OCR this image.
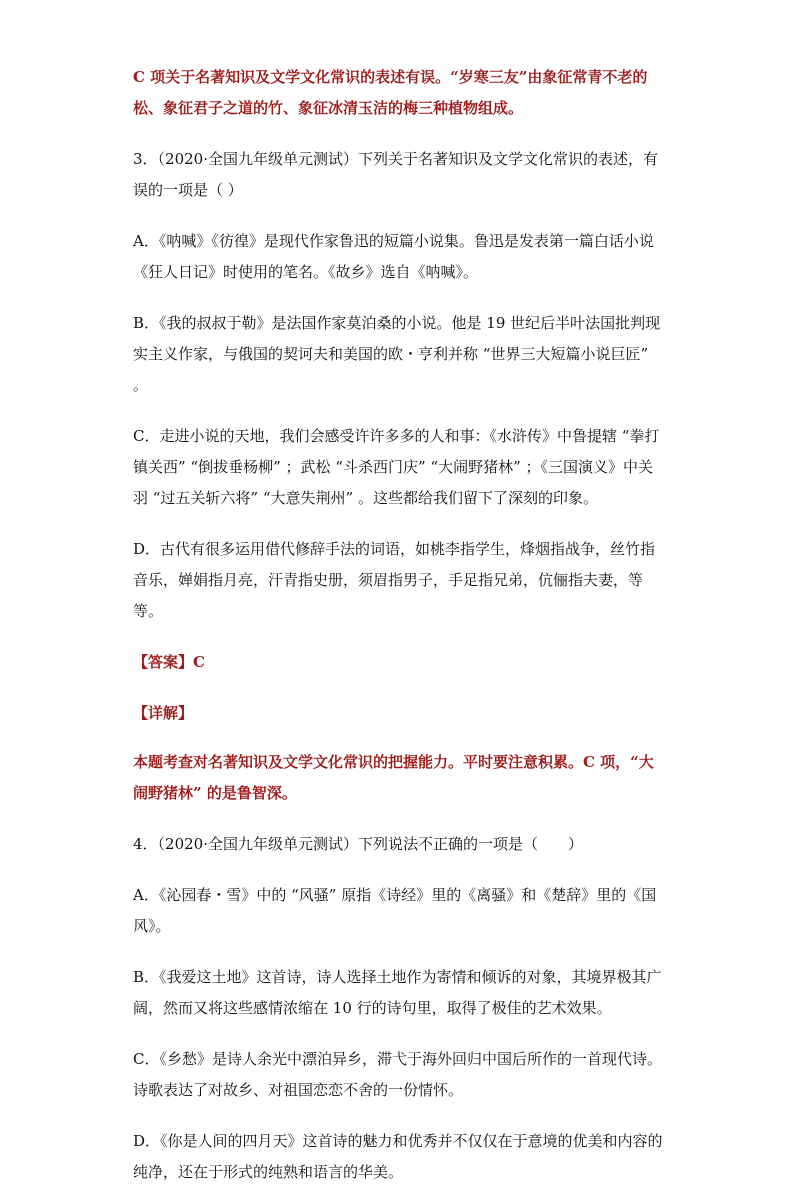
C 项关于名著知识及文学文化常识的表述有误。“岁寒三友”由象征常青不老的松、象征君子之道的竹、象征冰清玉洁的梅三种植物组成。

3．（2020·全国九年级单元测试）下列关于名著知识及文学文化常识的表述，有误的一项是（ ）

A．《呐喊》《彷徨》是现代作家鲁迅的短篇小说集。鲁迅是发表第一篇白话小说《狂人日记》时使用的笔名。《故乡》选自《呐喊》。

B．《我的叔叔于勒》是法国作家莫泊桑的小说。他是 19 世纪后半叶法国批判现实主义作家，与俄国的契诃夫和美国的欧・亨利并称 “世界三大短篇小说巨匠” 。

C．走进小说的天地，我们会感受许许多多的人和事：《水浒传》中鲁提辖 “拳打镇关西” “倒拔垂杨柳” ；武松 “斗杀西门庆” “大闹野猪林” ；《三国演义》中关羽 “过五关斩六将” “大意失荆州” 。这些都给我们留下了深刻的印象。

D．古代有很多运用借代修辞手法的词语，如桃李指学生，烽烟指战争，丝竹指音乐，婵娟指月亮，汗青指史册，须眉指男子，手足指兄弟，伉俪指夫妻，等等。

【答案】C

【详解】

本题考查对名著知识及文学文化常识的把握能力。平时要注意积累。C 项，“大闹野猪林” 的是鲁智深。

4．（2020·全国九年级单元测试）下列说法不正确的一项是（　　）

A．《沁园春・雪》中的 “风骚” 原指《诗经》里的《离骚》和《楚辞》里的《国风》。

B．《我爱这土地》这首诗，诗人选择土地作为寄情和倾诉的对象，其境界极其广阔，然而又将这些感情浓缩在 10 行的诗句里，取得了极佳的艺术效果。

C．《乡愁》是诗人余光中漂泊异乡，滞弋于海外回归中国后所作的一首现代诗。诗歌表达了对故乡、对祖国恋恋不舍的一份情怀。

D．《你是人间的四月天》这首诗的魅力和优秀并不仅仅在于意境的优美和内容的纯净，还在于形式的纯熟和语言的华美。
